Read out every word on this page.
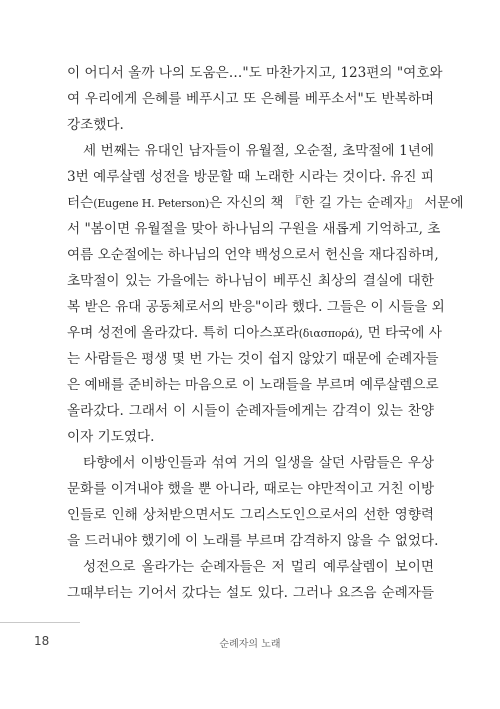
이 어디서 올까 나의 도움은…"도 마찬가지고, 123편의 "여호와
여 우리에게 은혜를 베푸시고 또 은혜를 베푸소서"도 반복하며
강조했다.
세 번째는 유대인 남자들이 유월절, 오순절, 초막절에 1년에
3번 예루살렘 성전을 방문할 때 노래한 시라는 것이다. 유진 피
터슨(Eugene H. Peterson)은 자신의 책 『한 길 가는 순례자』 서문에
서 "봄이면 유월절을 맞아 하나님의 구원을 새롭게 기억하고, 초
여름 오순절에는 하나님의 언약 백성으로서 헌신을 재다짐하며,
초막절이 있는 가을에는 하나님이 베푸신 최상의 결실에 대한
복 받은 유대 공동체로서의 반응"이라 했다. 그들은 이 시들을 외
우며 성전에 올라갔다. 특히 디아스포라(διασπορά), 먼 타국에 사
는 사람들은 평생 몇 번 가는 것이 쉽지 않았기 때문에 순례자들
은 예배를 준비하는 마음으로 이 노래들을 부르며 예루살렘으로
올라갔다. 그래서 이 시들이 순례자들에게는 감격이 있는 찬양
이자 기도였다.
타향에서 이방인들과 섞여 거의 일생을 살던 사람들은 우상
문화를 이겨내야 했을 뿐 아니라, 때로는 야만적이고 거친 이방
인들로 인해 상처받으면서도 그리스도인으로서의 선한 영향력
을 드러내야 했기에 이 노래를 부르며 감격하지 않을 수 없었다.
성전으로 올라가는 순례자들은 저 멀리 예루살렘이 보이면
그때부터는 기어서 갔다는 설도 있다. 그러나 요즈음 순례자들
18	순례자의 노래
